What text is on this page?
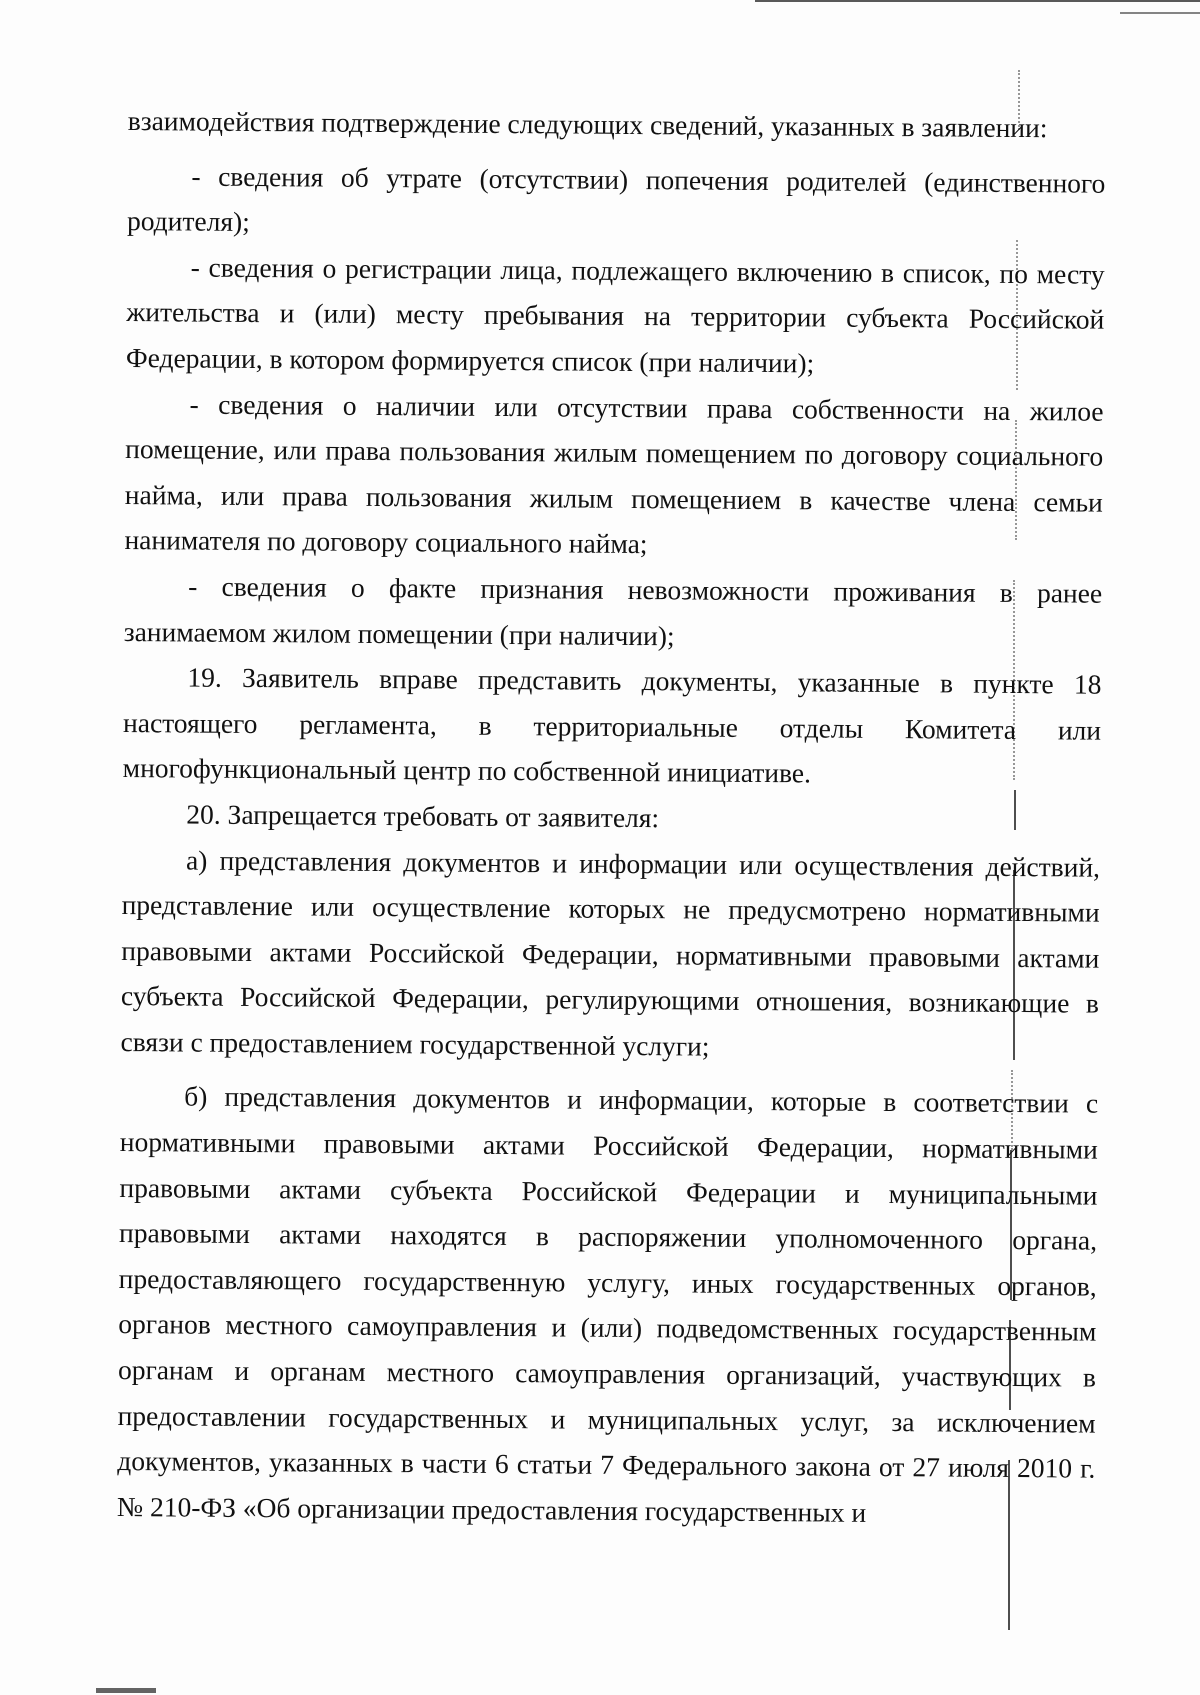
взаимодействия подтверждение следующих сведений, указанных в заявлении:

- сведения об утрате (отсутствии) попечения родителей (единственного родителя);

- сведения о регистрации лица, подлежащего включению в список, по месту жительства и (или) месту пребывания на территории субъекта Российской Федерации, в котором формируется список (при наличии);

- сведения о наличии или отсутствии права собственности на жилое помещение, или права пользования жилым помещением по договору социального найма, или права пользования жилым помещением в качестве члена семьи нанимателя по договору социального найма;

- сведения о факте признания невозможности проживания в ранее занимаемом жилом помещении (при наличии);

19. Заявитель вправе представить документы, указанные в пункте 18 настоящего регламента, в территориальные отделы Комитета или многофункциональный центр по собственной инициативе.

20. Запрещается требовать от заявителя:

а) представления документов и информации или осуществления действий, представление или осуществление которых не предусмотрено нормативными правовыми актами Российской Федерации, нормативными правовыми актами субъекта Российской Федерации, регулирующими отношения, возникающие в связи с предоставлением государственной услуги;

б) представления документов и информации, которые в соответствии с нормативными правовыми актами Российской Федерации, нормативными правовыми актами субъекта Российской Федерации и муниципальными правовыми актами находятся в распоряжении уполномоченного органа, предоставляющего государственную услугу, иных государственных органов, органов местного самоуправления и (или) подведомственных государственным органам и органам местного самоуправления организаций, участвующих в предоставлении государственных и муниципальных услуг, за исключением документов, указанных в части 6 статьи 7 Федерального закона от 27 июля 2010 г. № 210-ФЗ «Об организации предоставления государственных и
